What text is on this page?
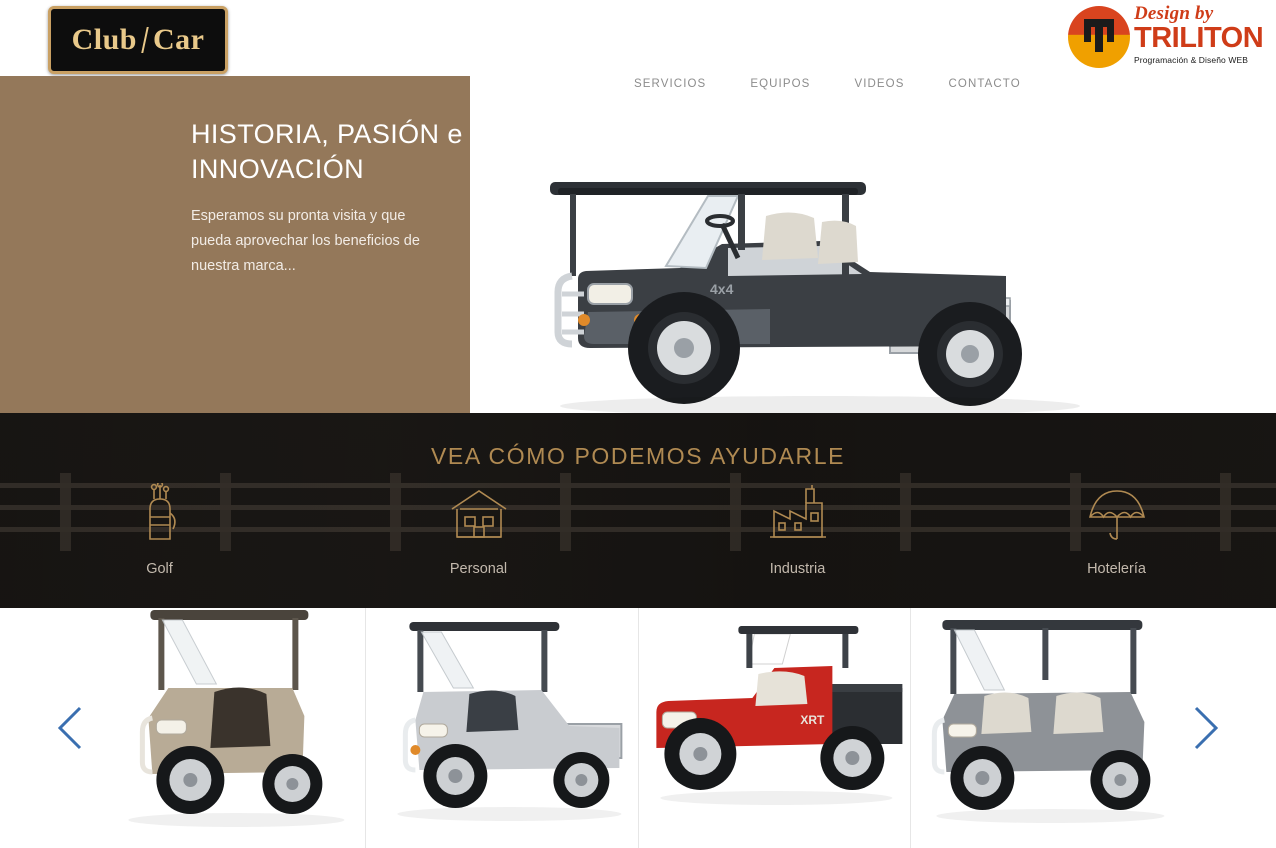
Club Car
SERVICIOS	EQUIPOS	VIDEOS	CONTACTO
Design by
TRILITON
Programación & Diseño WEB
HISTORIA, PASIÓN e INNOVACIÓN
Esperamos su pronta visita y que pueda aprovechar los beneficios de nuestra marca...
4x4
VEA CÓMO PODEMOS AYUDARLE
Golf	Personal	Industria	Hotelería
XRT
